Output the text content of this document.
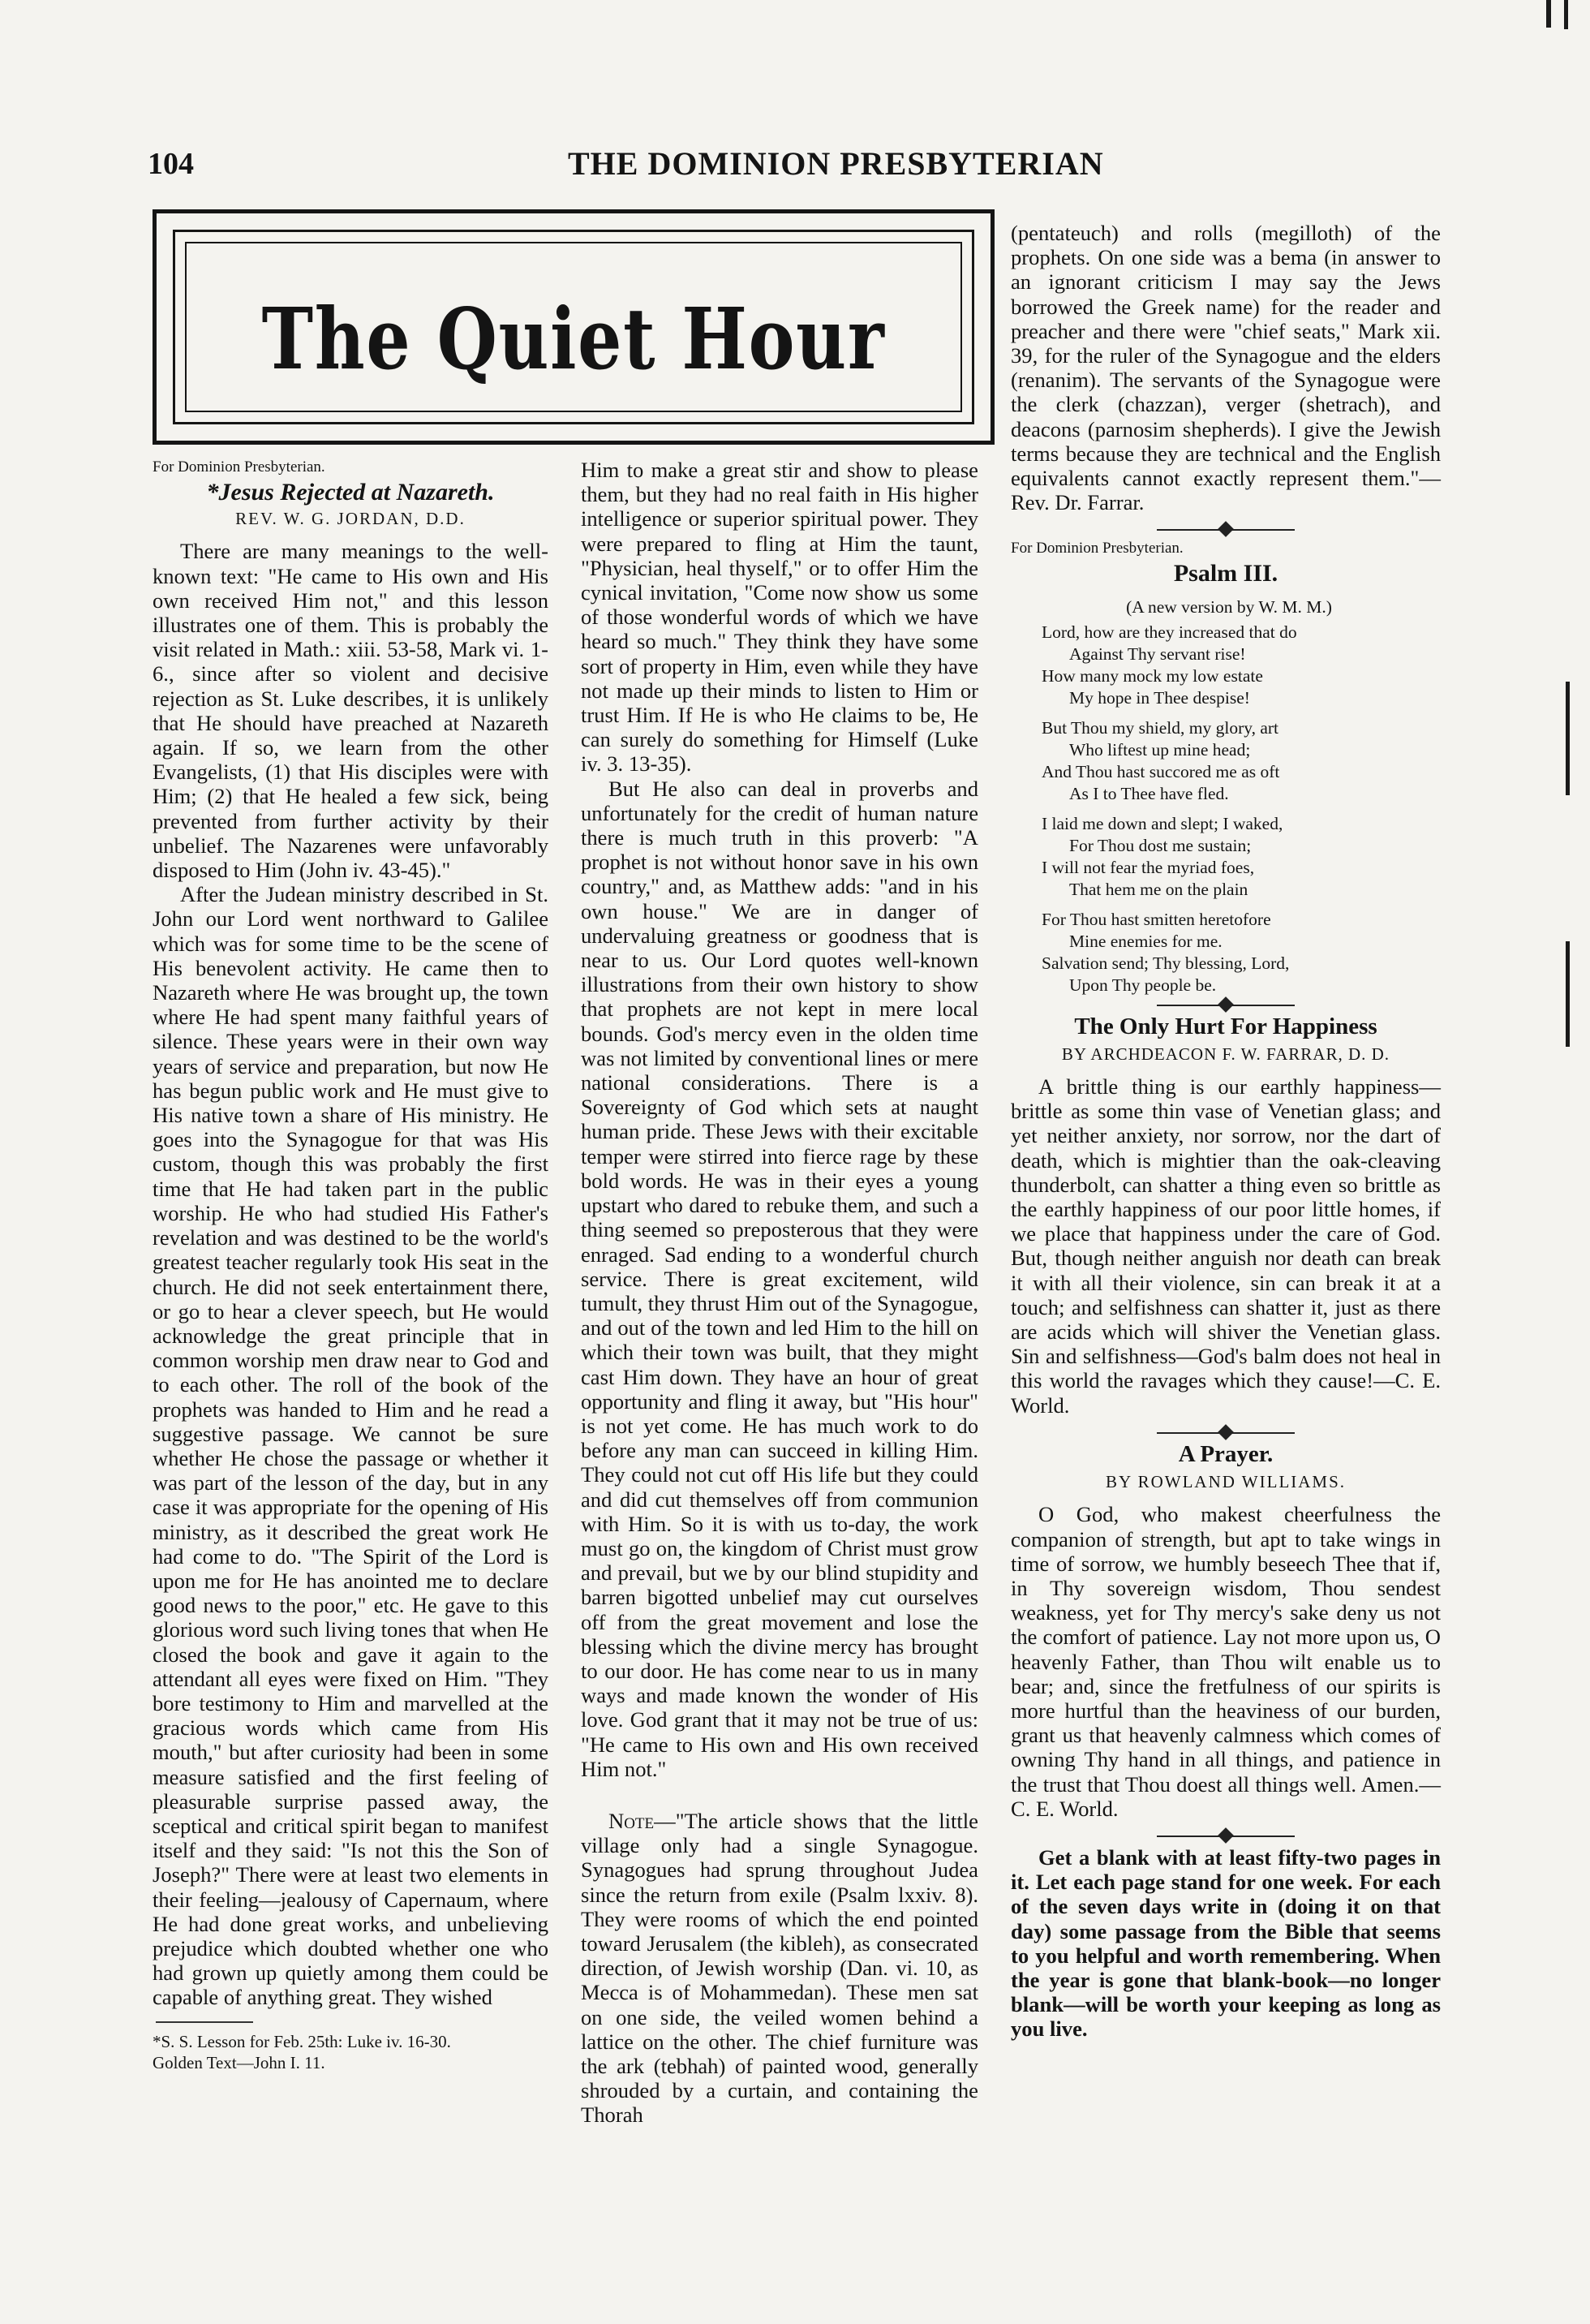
104	THE DOMINION PRESBYTERIAN
The Quiet Hour

For Dominion Presbyterian.

*Jesus Rejected at Nazareth.
REV. W. G. JORDAN, D.D.

There are many meanings to the well-known text: "He came to His own and His own received Him not," and this lesson illustrates one of them. This is probably the visit related in Math.: xiii. 53-58, Mark vi. 1-6., since after so violent and decisive rejection as St. Luke describes, it is unlikely that He should have preached at Nazareth again. If so, we learn from the other Evangelists, (1) that His disciples were with Him; (2) that He healed a few sick, being prevented from further activity by their unbelief. The Nazarenes were unfavorably disposed to Him (John iv. 43-45)."

After the Judean ministry described in St. John our Lord went northward to Galilee which was for some time to be the scene of His benevolent activity. He came then to Nazareth where He was brought up, the town where He had spent many faithful years of silence. These years were in their own way years of service and preparation, but now He has begun public work and He must give to His native town a share of His ministry. He goes into the Synagogue for that was His custom, though this was probably the first time that He had taken part in the public worship. He who had studied His Father's revelation and was destined to be the world's greatest teacher regularly took His seat in the church. He did not seek entertainment there, or go to hear a clever speech, but He would acknowledge the great principle that in common worship men draw near to God and to each other. The roll of the book of the prophets was handed to Him and he read a suggestive passage. We cannot be sure whether He chose the passage or whether it was part of the lesson of the day, but in any case it was appropriate for the opening of His ministry, as it described the great work He had come to do. "The Spirit of the Lord is upon me for He has anointed me to declare good news to the poor," etc. He gave to this glorious word such living tones that when He closed the book and gave it again to the attendant all eyes were fixed on Him. "They bore testimony to Him and marvelled at the gracious words which came from His mouth," but after curiosity had been in some measure satisfied and the first feeling of pleasurable surprise passed away, the sceptical and critical spirit began to manifest itself and they said: "Is not this the Son of Joseph?" There were at least two elements in their feeling—jealousy of Capernaum, where He had done great works, and unbelieving prejudice which doubted whether one who had grown up quietly among them could be capable of anything great. They wished

*S. S. Lesson for Feb. 25th: Luke iv. 16-30.

Golden Text—John I. 11.

Him to make a great stir and show to please them, but they had no real faith in His higher intelligence or superior spiritual power. They were prepared to fling at Him the taunt, "Physician, heal thyself," or to offer Him the cynical invitation, "Come now show us some of those wonderful words of which we have heard so much." They think they have some sort of property in Him, even while they have not made up their minds to listen to Him or trust Him. If He is who He claims to be, He can surely do something for Himself (Luke iv. 3. 13-35).

But He also can deal in proverbs and unfortunately for the credit of human nature there is much truth in this proverb: "A prophet is not without honor save in his own country," and, as Matthew adds: "and in his own house." We are in danger of undervaluing greatness or goodness that is near to us. Our Lord quotes well-known illustrations from their own history to show that prophets are not kept in mere local bounds. God's mercy even in the olden time was not limited by conventional lines or mere national considerations. There is a Sovereignty of God which sets at naught human pride. These Jews with their excitable temper were stirred into fierce rage by these bold words. He was in their eyes a young upstart who dared to rebuke them, and such a thing seemed so preposterous that they were enraged. Sad ending to a wonderful church service. There is great excitement, wild tumult, they thrust Him out of the Synagogue, and out of the town and led Him to the hill on which their town was built, that they might cast Him down. They have an hour of great opportunity and fling it away, but "His hour" is not yet come. He has much work to do before any man can succeed in killing Him. They could not cut off His life but they could and did cut themselves off from communion with Him. So it is with us to-day, the work must go on, the kingdom of Christ must grow and prevail, but we by our blind stupidity and barren bigotted unbelief may cut ourselves off from the great movement and lose the blessing which the divine mercy has brought to our door. He has come near to us in many ways and made known the wonder of His love. God grant that it may not be true of us: "He came to His own and His own received Him not."

Note—"The article shows that the little village only had a single Synagogue. Synagogues had sprung throughout Judea since the return from exile (Psalm lxxiv. 8). They were rooms of which the end pointed toward Jerusalem (the kibleh), as consecrated direction, of Jewish worship (Dan. vi. 10, as Mecca is of Mohammedan). These men sat on one side, the veiled women behind a lattice on the other. The chief furniture was the ark (tebhah) of painted wood, generally shrouded by a curtain, and containing the Thorah

(pentateuch) and rolls (megilloth) of the prophets. On one side was a bema (in answer to an ignorant criticism I may say the Jews borrowed the Greek name) for the reader and preacher and there were "chief seats," Mark xii. 39, for the ruler of the Synagogue and the elders (renanim). The servants of the Synagogue were the clerk (chazzan), verger (shetrach), and deacons (parnosim shepherds). I give the Jewish terms because they are technical and the English equivalents cannot exactly represent them."—Rev. Dr. Farrar.

For Dominion Presbyterian.

Psalm III.
(A new version by W. M. M.)
Lord, how are they increased that do
Against Thy servant rise!
How many mock my low estate
My hope in Thee despise!
But Thou my shield, my glory, art
Who liftest up mine head;
And Thou hast succored me as oft
As I to Thee have fled.
I laid me down and slept; I waked,
For Thou dost me sustain;
I will not fear the myriad foes,
That hem me on the plain
For Thou hast smitten heretofore
Mine enemies for me.
Salvation send; Thy blessing, Lord,
Upon Thy people be.
The Only Hurt For Happiness
BY ARCHDEACON F. W. FARRAR, D. D.

A brittle thing is our earthly happiness—brittle as some thin vase of Venetian glass; and yet neither anxiety, nor sorrow, nor the dart of death, which is mightier than the oak-cleaving thunderbolt, can shatter a thing even so brittle as the earthly happiness of our poor little homes, if we place that happiness under the care of God. But, though neither anguish nor death can break it with all their violence, sin can break it at a touch; and selfishness can shatter it, just as there are acids which will shiver the Venetian glass. Sin and selfishness—God's balm does not heal in this world the ravages which they cause!—C. E. World.

A Prayer.
BY ROWLAND WILLIAMS.

O God, who makest cheerfulness the companion of strength, but apt to take wings in time of sorrow, we humbly beseech Thee that if, in Thy sovereign wisdom, Thou sendest weakness, yet for Thy mercy's sake deny us not the comfort of patience. Lay not more upon us, O heavenly Father, than Thou wilt enable us to bear; and, since the fretfulness of our spirits is more hurtful than the heaviness of our burden, grant us that heavenly calmness which comes of owning Thy hand in all things, and patience in the trust that Thou doest all things well. Amen.—C. E. World.

Get a blank with at least fifty-two pages in it. Let each page stand for one week. For each of the seven days write in (doing it on that day) some passage from the Bible that seems to you helpful and worth remembering. When the year is gone that blank-book—no longer blank—will be worth your keeping as long as you live.
